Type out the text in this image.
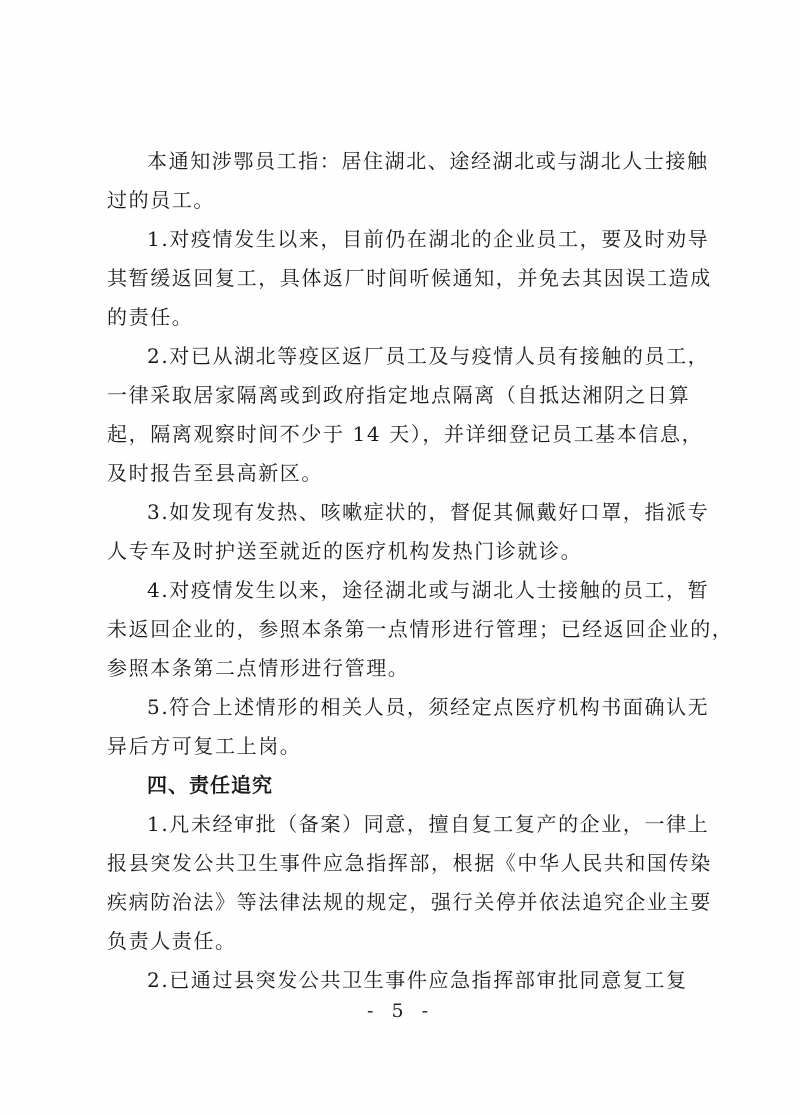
本通知涉鄂员工指：居住湖北、途经湖北或与湖北人士接触
过的员工。
1.对疫情发生以来，目前仍在湖北的企业员工，要及时劝导
其暂缓返回复工，具体返厂时间听候通知，并免去其因误工造成
的责任。
2.对已从湖北等疫区返厂员工及与疫情人员有接触的员工，
一律采取居家隔离或到政府指定地点隔离（自抵达湘阴之日算
起，隔离观察时间不少于 14 天），并详细登记员工基本信息，
及时报告至县高新区。
3.如发现有发热、咳嗽症状的，督促其佩戴好口罩，指派专
人专车及时护送至就近的医疗机构发热门诊就诊。
4.对疫情发生以来，途径湖北或与湖北人士接触的员工，暂
未返回企业的，参照本条第一点情形进行管理；已经返回企业的，
参照本条第二点情形进行管理。
5.符合上述情形的相关人员，须经定点医疗机构书面确认无
异后方可复工上岗。
四、责任追究
1.凡未经审批（备案）同意，擅自复工复产的企业，一律上
报县突发公共卫生事件应急指挥部，根据《中华人民共和国传染
疾病防治法》等法律法规的规定，强行关停并依法追究企业主要
负责人责任。
2.已通过县突发公共卫生事件应急指挥部审批同意复工复
- 5 -
